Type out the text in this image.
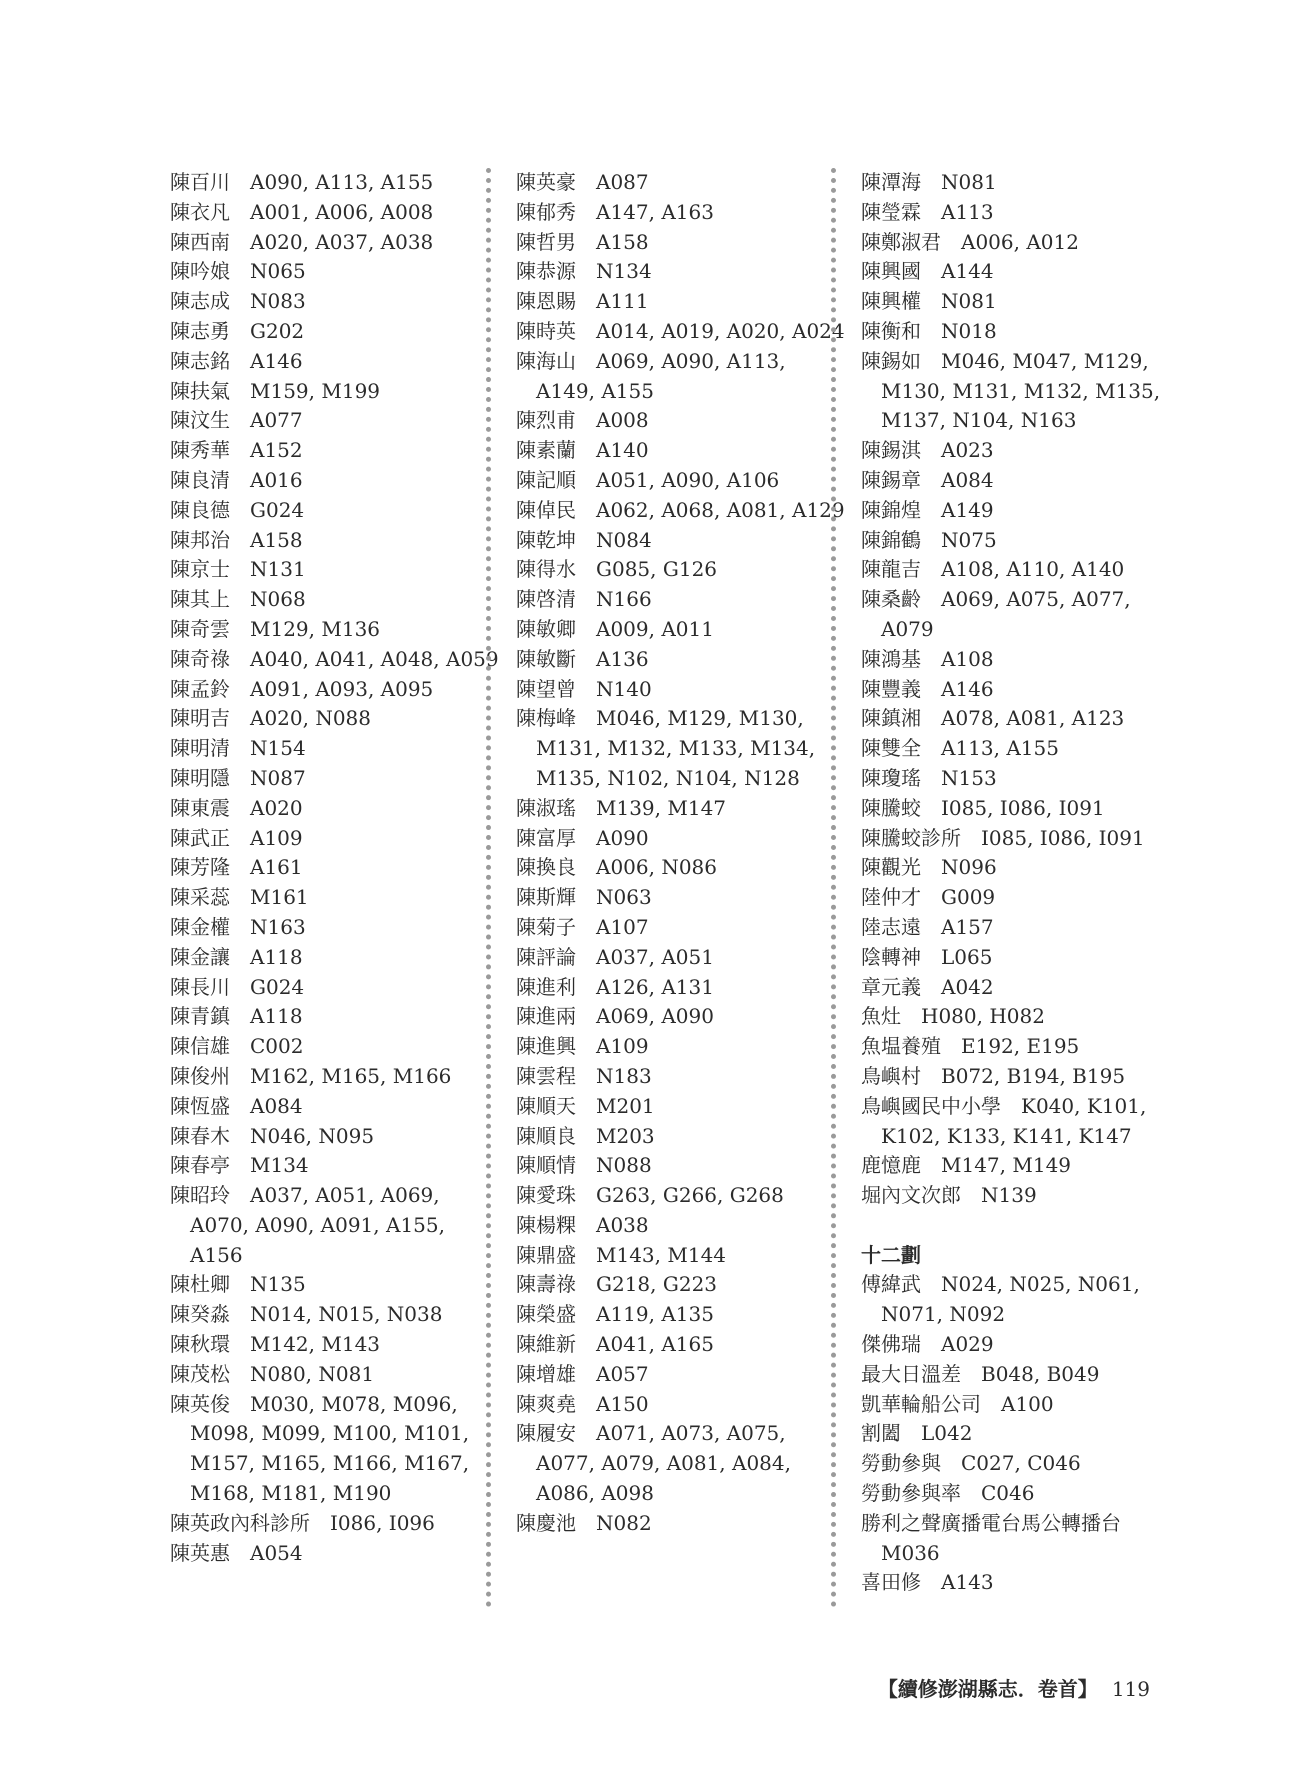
陳百川 A090, A113, A155

陳衣凡 A001, A006, A008

陳西南 A020, A037, A038

陳吟娘 N065

陳志成 N083

陳志勇 G202

陳志銘 A146

陳扶氣 M159, M199

陳汶生 A077

陳秀華 A152

陳良清 A016

陳良德 G024

陳邦治 A158

陳京士 N131

陳其上 N068

陳奇雲 M129, M136

陳奇祿 A040, A041, A048, A059

陳孟鈴 A091, A093, A095

陳明吉 A020, N088

陳明清 N154

陳明隱 N087

陳東震 A020

陳武正 A109

陳芳隆 A161

陳采蕊 M161

陳金權 N163

陳金讓 A118

陳長川 G024

陳青鎮 A118

陳信雄 C002

陳俊州 M162, M165, M166

陳恆盛 A084

陳春木 N046, N095

陳春亭 M134

陳昭玲 A037, A051, A069, A070, A090, A091, A155, A156

陳杜卿 N135

陳癸淼 N014, N015, N038

陳秋環 M142, M143

陳茂松 N080, N081

陳英俊 M030, M078, M096, M098, M099, M100, M101, M157, M165, M166, M167, M168, M181, M190

陳英政內科診所 I086, I096

陳英惠 A054

陳英豪 A087

陳郁秀 A147, A163

陳哲男 A158

陳恭源 N134

陳恩賜 A111

陳時英 A014, A019, A020, A024

陳海山 A069, A090, A113, A149, A155

陳烈甫 A008

陳素蘭 A140

陳記順 A051, A090, A106

陳倬民 A062, A068, A081, A129

陳乾坤 N084

陳得水 G085, G126

陳啓清 N166

陳敏卿 A009, A011

陳敏斷 A136

陳望曾 N140

陳梅峰 M046, M129, M130, M131, M132, M133, M134, M135, N102, N104, N128

陳淑瑤 M139, M147

陳富厚 A090

陳換良 A006, N086

陳斯輝 N063

陳菊子 A107

陳評論 A037, A051

陳進利 A126, A131

陳進兩 A069, A090

陳進興 A109

陳雲程 N183

陳順天 M201

陳順良 M203

陳順情 N088

陳愛珠 G263, G266, G268

陳楊粿 A038

陳鼎盛 M143, M144

陳壽祿 G218, G223

陳榮盛 A119, A135

陳維新 A041, A165

陳增雄 A057

陳爽堯 A150

陳履安 A071, A073, A075, A077, A079, A081, A084, A086, A098

陳慶池 N082

陳潭海 N081

陳瑩霖 A113

陳鄭淑君 A006, A012

陳興國 A144

陳興權 N081

陳衡和 N018

陳錫如 M046, M047, M129, M130, M131, M132, M135, M137, N104, N163

陳錫淇 A023

陳錫章 A084

陳錦煌 A149

陳錦鶴 N075

陳龍吉 A108, A110, A140

陳桑齡 A069, A075, A077, A079

陳鴻基 A108

陳豐義 A146

陳鎮湘 A078, A081, A123

陳雙全 A113, A155

陳瓊瑤 N153

陳騰蛟 I085, I086, I091

陳騰蛟診所 I085, I086, I091

陳觀光 N096

陸仲才 G009

陸志遠 A157

陰轉神 L065

章元義 A042

魚灶 H080, H082

魚塭養殖 E192, E195

鳥嶼村 B072, B194, B195

鳥嶼國民中小學 K040, K101, K102, K133, K141, K147

鹿憶鹿 M147, M149

堀內文次郎 N139

十二劃

傅緯武 N024, N025, N061, N071, N092

傑佛瑞 A029

最大日溫差 B048, B049

凱華輪船公司 A100

割闔 L042

勞動參與 C027, C046

勞動參與率 C046

勝利之聲廣播電台馬公轉播台M036

喜田修 A143

【續修澎湖縣志．卷首】 119
